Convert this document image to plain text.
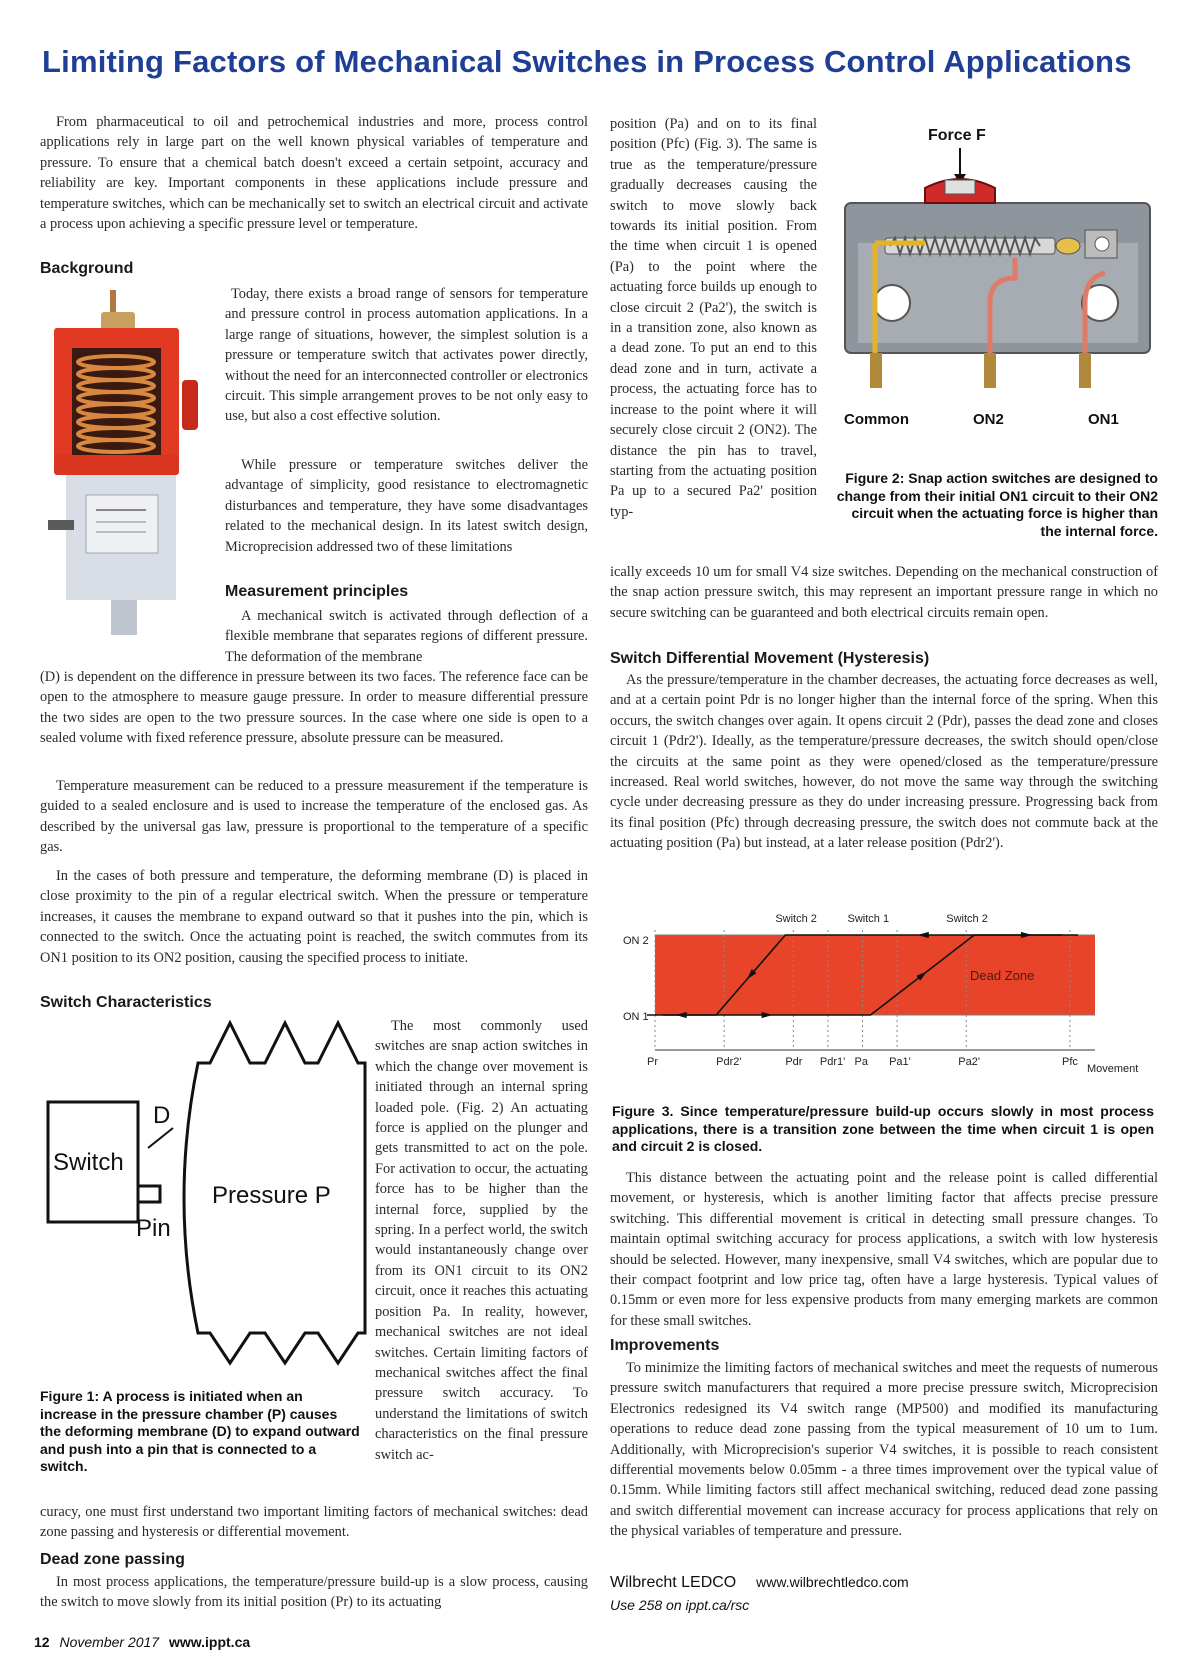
Limiting Factors of Mechanical Switches in Process Control Applications

From pharmaceutical to oil and petrochemical industries and more, process control applications rely in large part on the well known physical variables of temperature and pressure. To ensure that a chemical batch doesn't exceed a certain setpoint, accuracy and reliability are key. Important components in these applications include pressure and temperature switches, which can be mechanically set to switch an electrical circuit and activate a process upon achieving a specific pressure level or temperature.

Background

Today, there exists a broad range of sensors for temperature and pressure control in process automation applications. In a large range of situations, however, the simplest solution is a pressure or temperature switch that activates power directly, without the need for an interconnected controller or electronics circuit. This simple arrangement proves to be not only easy to use, but also a cost effective solution.

While pressure or temperature switches deliver the advantage of simplicity, good resistance to electromagnetic disturbances and temperature, they have some disadvantages related to the mechanical design. In its latest switch design, Microprecision addressed two of these limitations

Measurement principles

A mechanical switch is activated through deflection of a flexible membrane that separates regions of different pressure. The deformation of the membrane

(D) is dependent on the difference in pressure between its two faces. The reference face can be open to the atmosphere to measure gauge pressure. In order to measure differential pressure the two sides are open to the two pressure sources. In the case where one side is open to a sealed volume with fixed reference pressure, absolute pressure can be measured.

Temperature measurement can be reduced to a pressure measurement if the temperature is guided to a sealed enclosure and is used to increase the temperature of the enclosed gas. As described by the universal gas law, pressure is proportional to the temperature of a specific gas.

In the cases of both pressure and temperature, the deforming membrane (D) is placed in close proximity to the pin of a regular electrical switch. When the pressure or temperature increases, it causes the membrane to expand outward so that it pushes into the pin, which is connected to the switch. Once the actuating point is reached, the switch commutes from its ON1 position to its ON2 position, causing the specified process to initiate.

Switch Characteristics
Switch
D
Pin
Pressure P

The most commonly used switches are snap action switches in which the change over movement is initiated through an internal spring loaded pole. (Fig. 2) An actuating force is applied on the plunger and gets transmitted to act on the pole. For activation to occur, the actuating force has to be higher than the internal force, supplied by the spring. In a perfect world, the switch would instantaneously change over from its ON1 circuit to its ON2 circuit, once it reaches this actuating position Pa. In reality, however, mechanical switches are not ideal switches. Certain limiting factors of mechanical switches affect the final pressure switch accuracy. To understand the limitations of switch characteristics on the final pressure switch ac-

Figure 1: A process is initiated when an increase in the pressure chamber (P) causes the deforming membrane (D) to expand outward and push into a pin that is connected to a switch.

curacy, one must first understand two important limiting factors of mechanical switches: dead zone passing and hysteresis or differential movement.

Dead zone passing

In most process applications, the temperature/pressure build-up is a slow process, causing the switch to move slowly from its initial position (Pr) to its actuating

position (Pa) and on to its final position (Pfc) (Fig. 3). The same is true as the temperature/pressure gradually decreases causing the switch to move slowly back towards its initial position. From the time when circuit 1 is opened (Pa) to the point where the actuating force builds up enough to close circuit 2 (Pa2'), the switch is in a transition zone, also known as a dead zone. To put an end to this dead zone and in turn, activate a process, the actuating force has to increase to the point where it will securely close circuit 2 (ON2). The distance the pin has to travel, starting from the actuating position Pa up to a secured Pa2' position typ-

Force F
Common	ON2	ON1
Figure 2: Snap action switches are designed to change from their initial ON1 circuit to their ON2 circuit when the actuating force is higher than the internal force.

ically exceeds 10 um for small V4 size switches. Depending on the mechanical construction of the snap action pressure switch, this may represent an important pressure range in which no secure switching can be guaranteed and both electrical circuits remain open.

Switch Differential Movement (Hysteresis)

As the pressure/temperature in the chamber decreases, the actuating force decreases as well, and at a certain point Pdr is no longer higher than the internal force of the spring. When this occurs, the switch changes over again. It opens circuit 2 (Pdr), passes the dead zone and closes circuit 1 (Pdr2'). Ideally, as the temperature/pressure decreases, the switch should open/close the circuits at the same point as they were opened/closed as the temperature/pressure increased. Real world switches, however, do not move the same way through the switching cycle under decreasing pressure as they do under increasing pressure. Progressing back from its final position (Pfc) through decreasing pressure, the switch does not commute back at the actuating position (Pa) but instead, at a later release position (Pdr2').

Dead Zone
ON 2
ON 1
Pr	Pdr2'	Pdr Pdr1' Pa Pa1'	Pa2'	Pfc
Movement
Switch 2	Switch 1	Switch 2
Figure 3. Since temperature/pressure build-up occurs slowly in most process applications, there is a transition zone between the time when circuit 1 is open and circuit 2 is closed.

This distance between the actuating point and the release point is called differential movement, or hysteresis, which is another limiting factor that affects precise pressure switching. This differential movement is critical in detecting small pressure changes. To maintain optimal switching accuracy for process applications, a switch with low hysteresis should be selected. However, many inexpensive, small V4 switches, which are popular due to their compact footprint and low price tag, often have a large hysteresis. Typical values of 0.15mm or even more for less expensive products from many emerging markets are common for these small switches.

Improvements

To minimize the limiting factors of mechanical switches and meet the requests of numerous pressure switch manufacturers that required a more precise pressure switch, Microprecision Electronics redesigned its V4 switch range (MP500) and modified its manufacturing operations to reduce dead zone passing from the typical measurement of 10 um to 1um. Additionally, with Microprecision's superior V4 switches, it is possible to reach consistent differential movements below 0.05mm - a three times improvement over the typical value of 0.15mm. While limiting factors still affect mechanical switching, reduced dead zone passing and switch differential movement can increase accuracy for process applications that rely on the physical variables of temperature and pressure.

Wilbrecht LEDCO www.wilbrechtledco.com
Use 258 on ippt.ca/rsc
12 November 2017 www.ippt.ca
